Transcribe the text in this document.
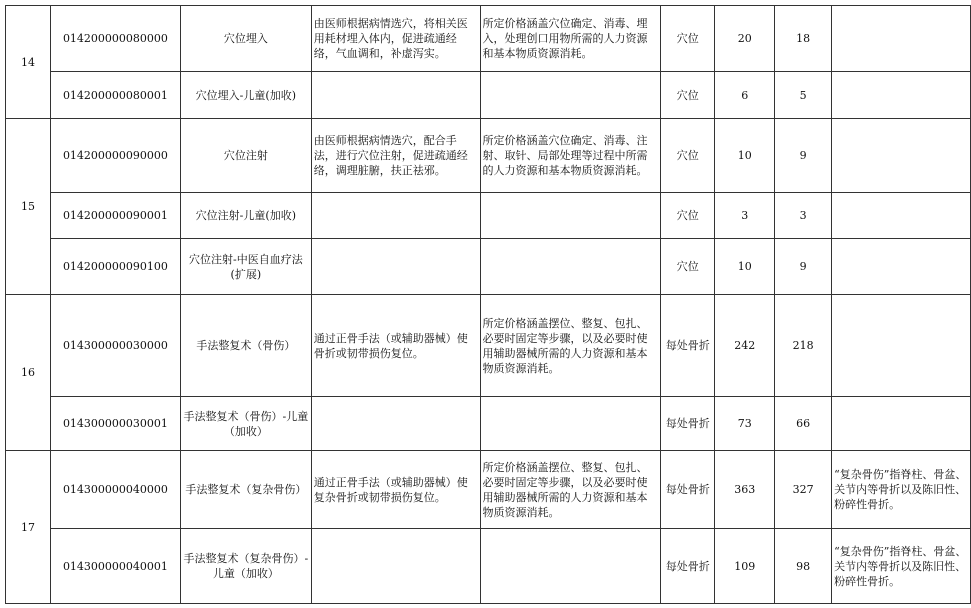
14	014200000080000	穴位埋入	由医师根据病情选穴，将相关医用耗材埋入体内，促进疏通经络，气血调和，补虚泻实。	所定价格涵盖穴位确定、消毒、埋入，处理创口用物所需的人力资源和基本物质资源消耗。	穴位	20	18	
	014200000080001	穴位埋入-儿童(加收)			穴位	6	5	
15	014200000090000	穴位注射	由医师根据病情选穴，配合手法，进行穴位注射，促进疏通经络，调理脏腑，扶正祛邪。	所定价格涵盖穴位确定、消毒、注射、取针、局部处理等过程中所需的人力资源和基本物质资源消耗。	穴位	10	9	
	014200000090001	穴位注射-儿童(加收)			穴位	3	3	
	014200000090100	穴位注射-中医自血疗法(扩展)			穴位	10	9	
16	014300000030000	手法整复术（骨伤）	通过正骨手法（或辅助器械）使骨折或韧带损伤复位。	所定价格涵盖摆位、整复、包扎、必要时固定等步骤，以及必要时使用辅助器械所需的人力资源和基本物质资源消耗。	每处骨折	242	218	
	014300000030001	手法整复术（骨伤）-儿童（加收）			每处骨折	73	66	
17	014300000040000	手法整复术（复杂骨伤）	通过正骨手法（或辅助器械）使复杂骨折或韧带损伤复位。	所定价格涵盖摆位、整复、包扎、必要时固定等步骤，以及必要时使用辅助器械所需的人力资源和基本物质资源消耗。	每处骨折	363	327	“复杂骨伤”指脊柱、骨盆、关节内等骨折以及陈旧性、粉碎性骨折。
	014300000040001	手法整复术（复杂骨伤）-儿童（加收）			每处骨折	109	98	“复杂骨伤”指脊柱、骨盆、关节内等骨折以及陈旧性、粉碎性骨折。
